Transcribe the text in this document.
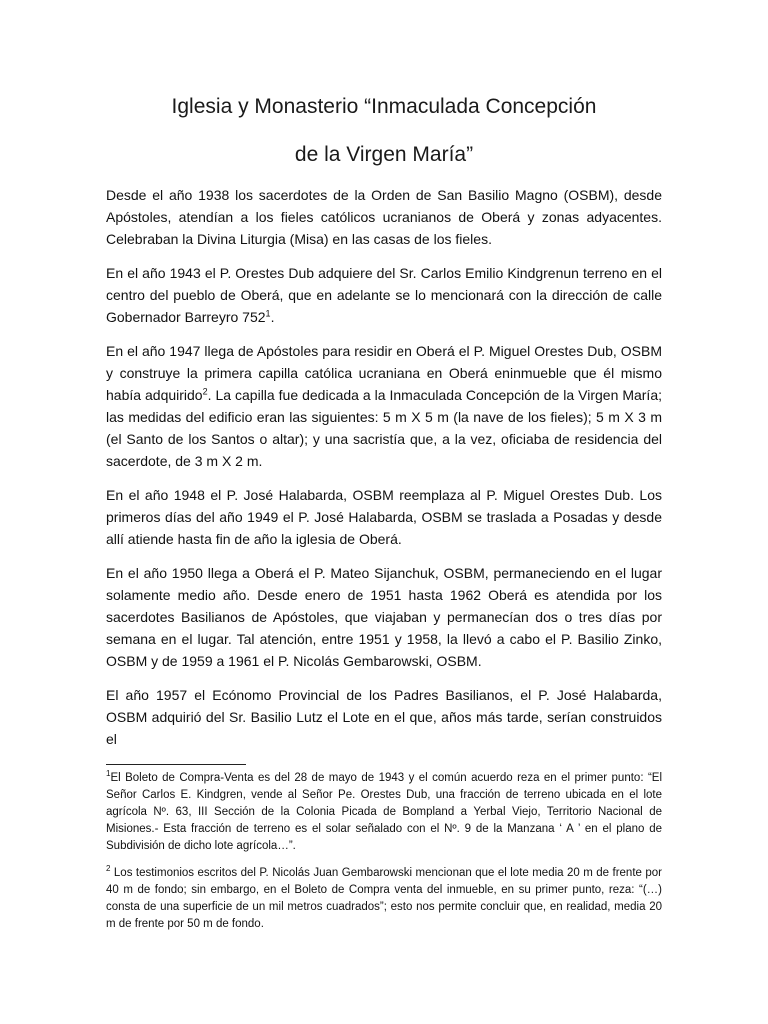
Iglesia y Monasterio “Inmaculada Concepción
de la Virgen María”

Desde el año 1938 los sacerdotes de la Orden de San Basilio Magno (OSBM), desde Apóstoles, atendían a los fieles católicos ucranianos de Oberá y zonas adyacentes. Celebraban la Divina Liturgia (Misa) en las casas de los fieles.

En el año 1943 el P. Orestes Dub adquiere del Sr. Carlos Emilio Kindgrenun terreno en el centro del pueblo de Oberá, que en adelante se lo mencionará con la dirección de calle Gobernador Barreyro $752^1$.

En el año 1947 llega de Apóstoles para residir en Oberá el P. Miguel Orestes Dub, OSBM y construye la primera capilla católica ucraniana en Oberá eninmueble que él mismo había adquirido$^2$. La capilla fue dedicada a la Inmaculada Concepción de la Virgen María; las medidas del edificio eran las siguientes: 5 m X 5 m (la nave de los fieles); 5 m X 3 m (el Santo de los Santos o altar); y una sacristía que, a la vez, oficiaba de residencia del sacerdote, de 3 m X 2 m.

En el año 1948 el P. José Halabarda, OSBM reemplaza al P. Miguel Orestes Dub. Los primeros días del año 1949 el P. José Halabarda, OSBM se traslada a Posadas y desde allí atiende hasta fin de año la iglesia de Oberá.

En el año 1950 llega a Oberá el P. Mateo Sijanchuk, OSBM, permaneciendo en el lugar solamente medio año. Desde enero de 1951 hasta 1962 Oberá es atendida por los sacerdotes Basilianos de Apóstoles, que viajaban y permanecían dos o tres días por semana en el lugar. Tal atención, entre 1951 y 1958, la llevó a cabo el P. Basilio Zinko, OSBM y de 1959 a 1961 el P. Nicolás Gembarowski, OSBM.

El año 1957 el Ecónomo Provincial de los Padres Basilianos, el P. José Halabarda, OSBM adquirió del Sr. Basilio Lutz el Lote en el que, años más tarde, serían construidos el

$^1$El Boleto de Compra-Venta es del 28 de mayo de 1943 y el común acuerdo reza en el primer punto: “El Señor Carlos E. Kindgren, vende al Señor Pe. Orestes Dub, una fracción de terreno ubicada en el lote agrícola Nº. 63, III Sección de la Colonia Picada de Bompland a Yerbal Viejo, Territorio Nacional de Misiones.- Esta fracción de terreno es el solar señalado con el Nº. 9 de la Manzana ‘ A ’ en el plano de Subdivisión de dicho lote agrícola…”.

$^2$ Los testimonios escritos del P. Nicolás Juan Gembarowski mencionan que el lote media 20 m de frente por 40 m de fondo; sin embargo, en el Boleto de Compra venta del inmueble, en su primer punto, reza: “(…) consta de una superficie de un mil metros cuadrados”; esto nos permite concluir que, en realidad, media 20 m de frente por 50 m de fondo.
